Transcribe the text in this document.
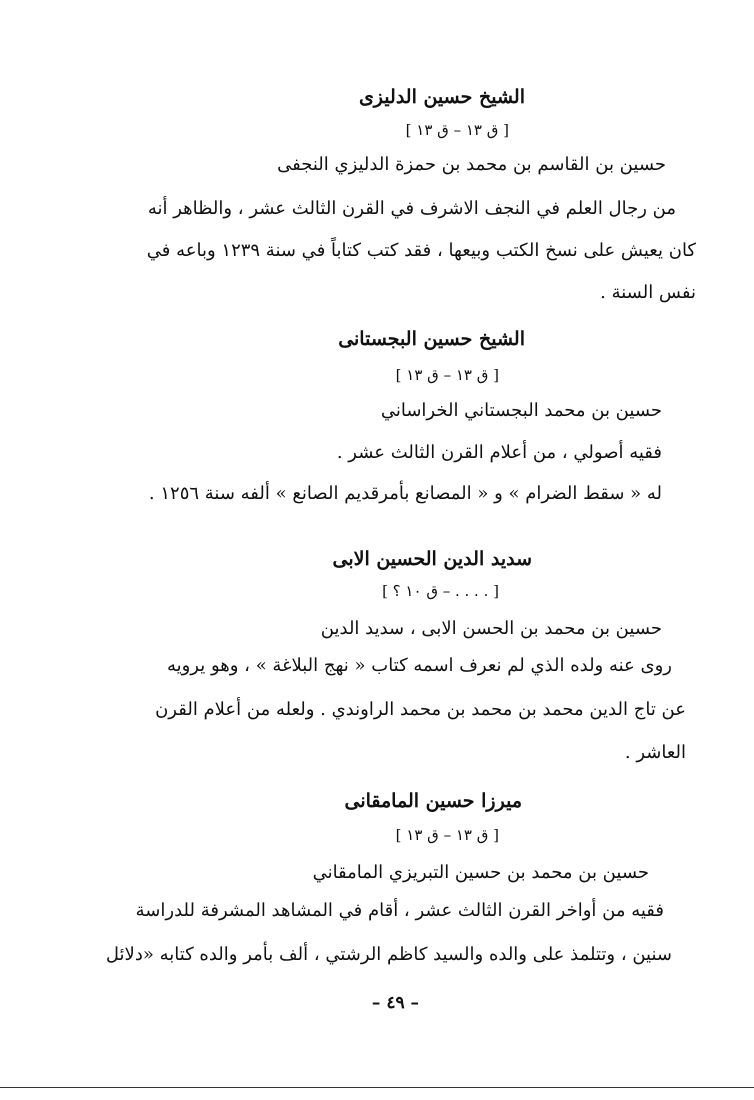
الشيخ حسين الدليزى
[ ق ١٣ – ق ١٣ ]
حسين بن القاسم بن محمد بن حمزة الدليزي النجفى
من رجال العلم في النجف الاشرف في القرن الثالث عشر ، والظاهر أنه
كان يعيش على نسخ الكتب وبيعها ، فقد كتب كتاباً في سنة ١٢٣٩ وباعه في
نفس السنة .
الشيخ حسين البجستانى
[ ق ١٣ – ق ١٣ ]
حسين بن محمد البجستاني الخراساني
فقيه أصولي ، من أعلام القرن الثالث عشر .
له « سقط الضرام » و « المصانع بأمرقديم الصانع » ألفه سنة ١٢٥٦ .
سديد الدين الحسين الابى
[ . . . . – ق ١٠ ؟ ]
حسين بن محمد بن الحسن الابى ، سديد الدين
روى عنه ولده الذي لم نعرف اسمه كتاب « نهج البلاغة » ، وهو يرويه
عن تاج الدين محمد بن محمد بن محمد الراوندي . ولعله من أعلام القرن
العاشر .
ميرزا حسين المامقانى
[ ق ١٣ – ق ١٣ ]
حسين بن محمد بن حسين التبريزي المامقاني
فقيه من أواخر القرن الثالث عشر ، أقام في المشاهد المشرفة للدراسة
سنين ، وتتلمذ على والده والسيد كاظم الرشتي ، ألف بأمر والده كتابه «دلائل
– ٤٩ –
